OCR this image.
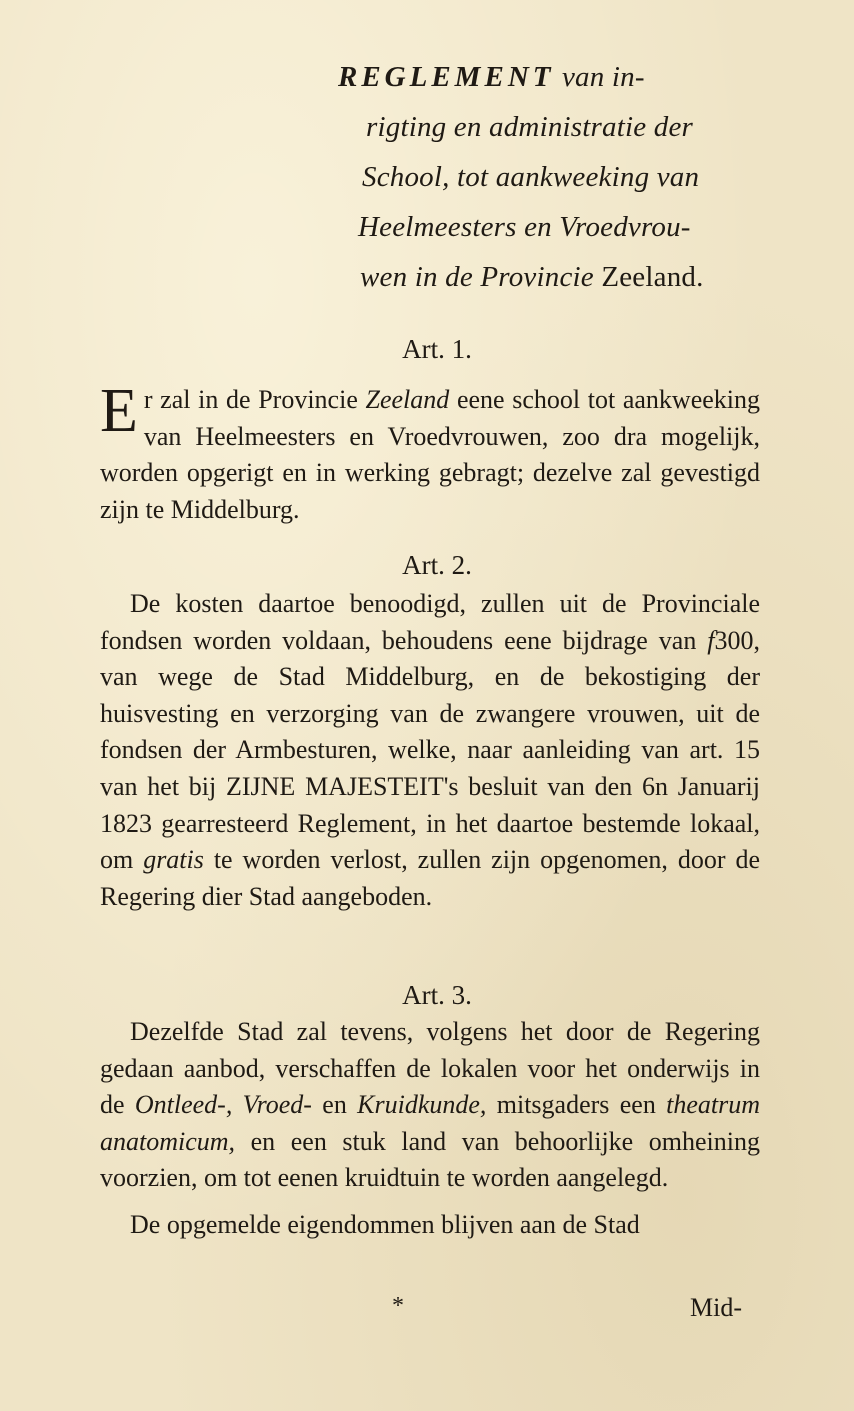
REGLEMENT van in-
rigting en administratie der
School, tot aankweeking van
Heelmeesters en Vroedvrou-
wen in de Provincie Zeeland.
Art. 1.

Er zal in de Provincie Zeeland eene school tot aankweeking van Heelmeesters en Vroedvrouwen, zoo dra mogelijk, worden opgerigt en in werking gebragt; dezelve zal gevestigd zijn te Middelburg.

Art. 2.

De kosten daartoe benoodigd, zullen uit de Provinciale fondsen worden voldaan, behoudens eene bijdrage van f300, van wege de Stad Middelburg, en de bekostiging der huisvesting en verzorging van de zwangere vrouwen, uit de fondsen der Armbesturen, welke, naar aanleiding van art. 15 van het bij ZIJNE MAJESTEIT's besluit van den 6n Januarij 1823 gearresteerd Reglement, in het daartoe bestemde lokaal, om gratis te worden verlost, zullen zijn opgenomen, door de Regering dier Stad aangeboden.

Art. 3.

Dezelfde Stad zal tevens, volgens het door de Regering gedaan aanbod, verschaffen de lokalen voor het onderwijs in de Ontleed-, Vroed- en Kruidkunde, mitsgaders een theatrum anatomicum, en een stuk land van behoorlijke omheining voorzien, om tot eenen kruidtuin te worden aangelegd.

De opgemelde eigendommen blijven aan de Stad

*	Mid-
